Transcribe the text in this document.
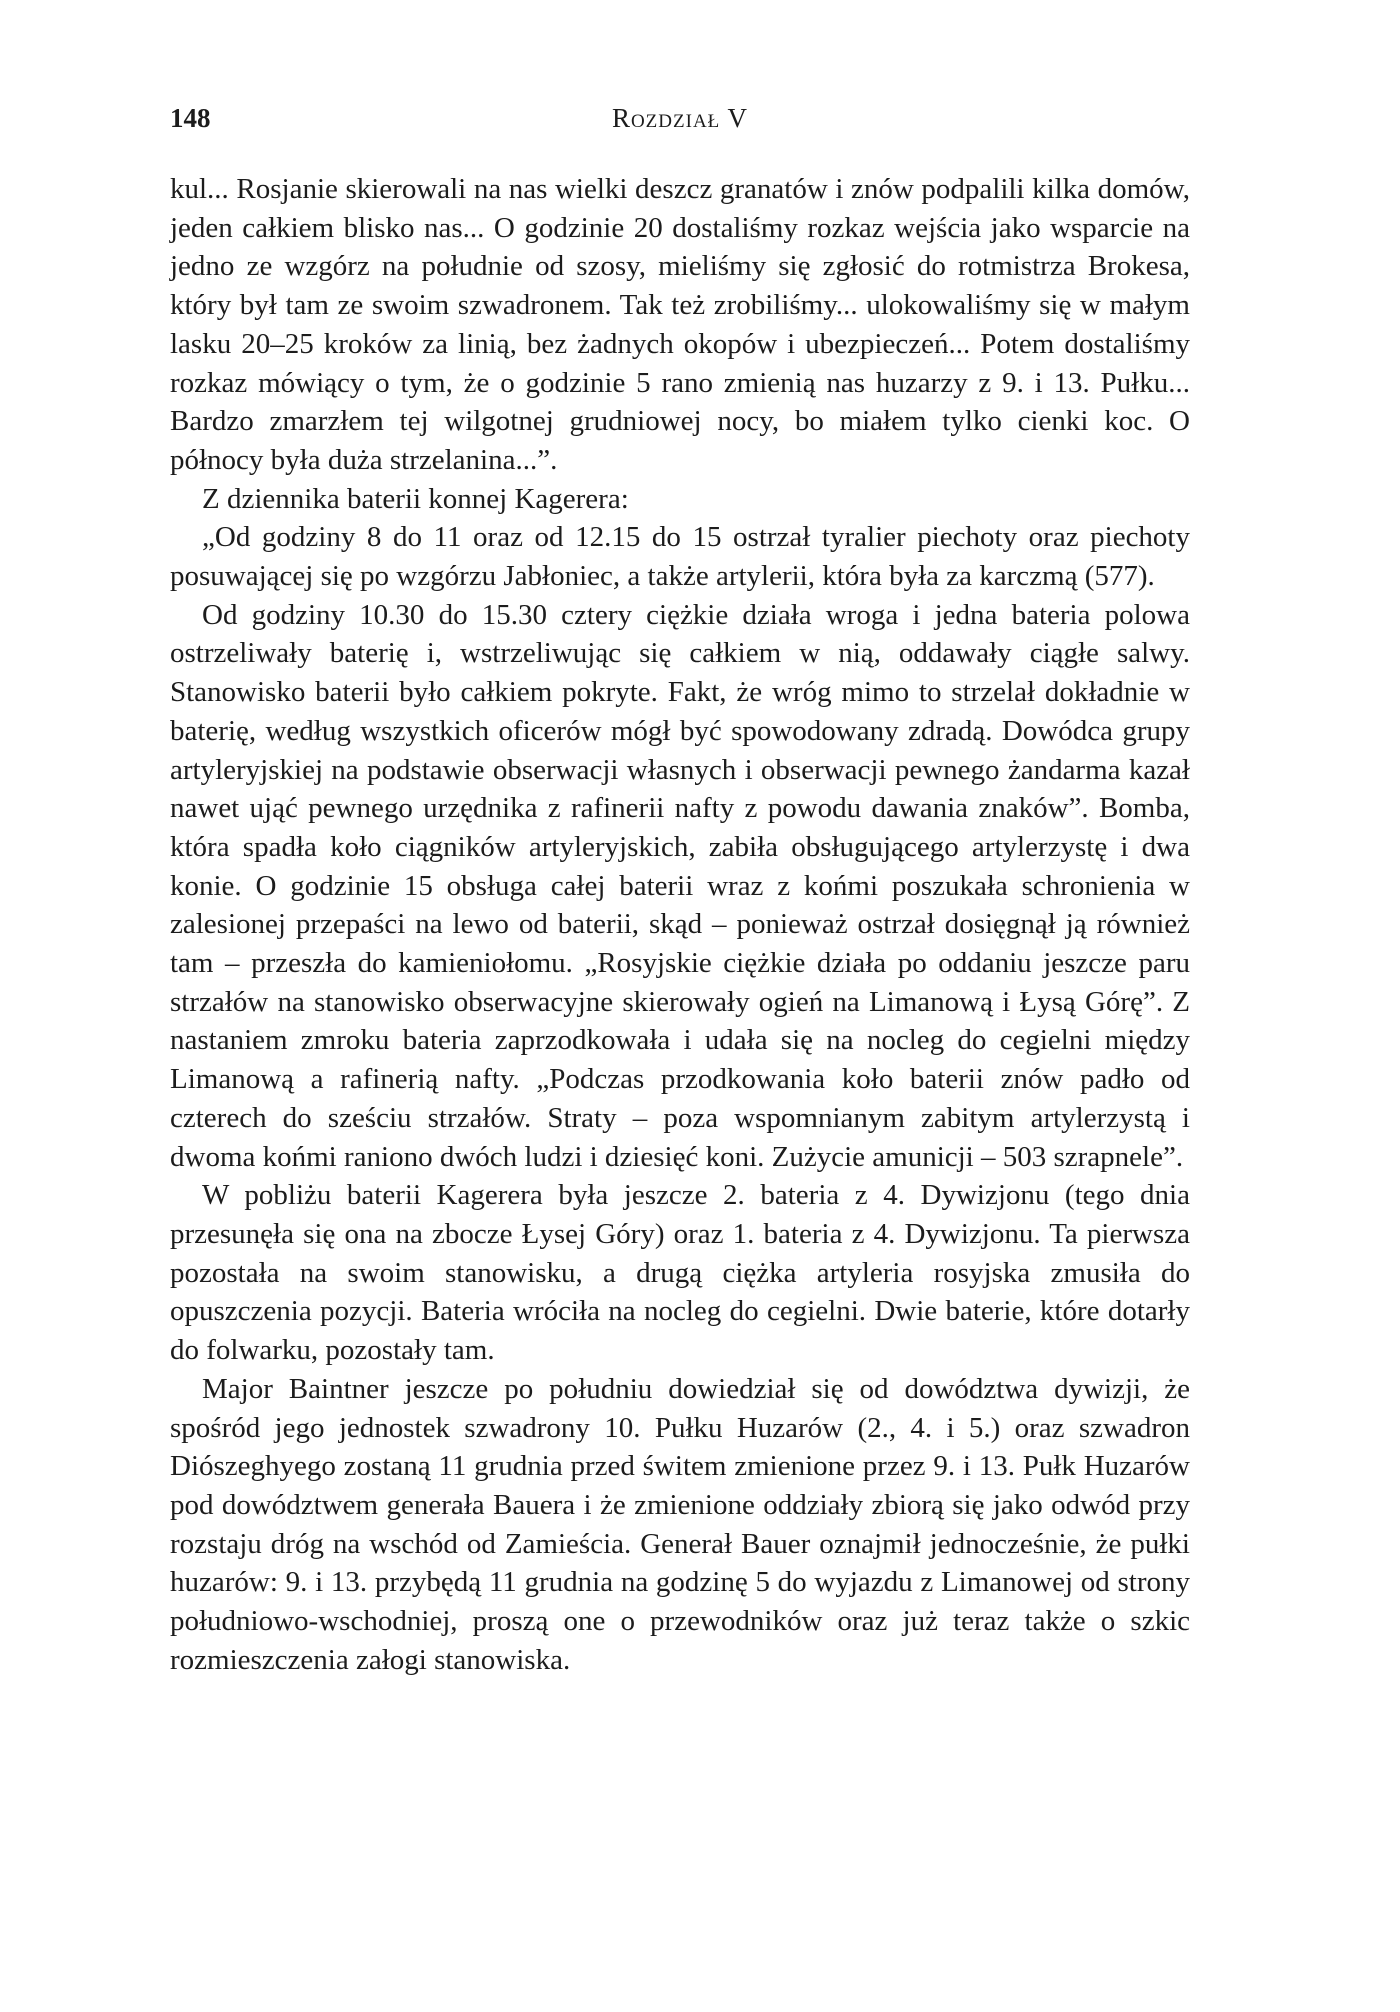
148	Rozdział V

kul... Rosjanie skierowali na nas wielki deszcz granatów i znów podpalili kilka domów, jeden całkiem blisko nas... O godzinie 20 dostaliśmy rozkaz wejścia jako wsparcie na jedno ze wzgórz na południe od szosy, mieliśmy się zgłosić do rotmistrza Brokesa, który był tam ze swoim szwadronem. Tak też zrobiliśmy... ulokowaliśmy się w małym lasku 20–25 kroków za linią, bez żadnych okopów i ubezpieczeń... Potem dostaliśmy rozkaz mówiący o tym, że o godzinie 5 rano zmienią nas huzarzy z 9. i 13. Pułku... Bardzo zmarzłem tej wilgotnej grudniowej nocy, bo miałem tylko cienki koc. O północy była duża strzelanina...”.

Z dziennika baterii konnej Kagerera:

„Od godziny 8 do 11 oraz od 12.15 do 15 ostrzał tyralier piechoty oraz piechoty posuwającej się po wzgórzu Jabłoniec, a także artylerii, która była za karczmą (577).

Od godziny 10.30 do 15.30 cztery ciężkie działa wroga i jedna bateria polowa ostrzeliwały baterię i, wstrzeliwując się całkiem w nią, oddawały ciągłe salwy. Stanowisko baterii było całkiem pokryte. Fakt, że wróg mimo to strzelał dokładnie w baterię, według wszystkich oficerów mógł być spowodowany zdradą. Dowódca grupy artyleryjskiej na podstawie obserwacji własnych i obserwacji pewnego żandarma kazał nawet ująć pewnego urzędnika z rafinerii nafty z powodu dawania znaków”. Bomba, która spadła koło ciągników artyleryjskich, zabiła obsługującego artylerzystę i dwa konie. O godzinie 15 obsługa całej baterii wraz z końmi poszukała schronienia w zalesionej przepaści na lewo od baterii, skąd – ponieważ ostrzał dosięgnął ją również tam – przeszła do kamieniołomu. „Rosyjskie ciężkie działa po oddaniu jeszcze paru strzałów na stanowisko obserwacyjne skierowały ogień na Limanową i Łysą Górę”. Z nastaniem zmroku bateria zaprzodkowała i udała się na nocleg do cegielni między Limanową a rafinerią nafty. „Podczas przodkowania koło baterii znów padło od czterech do sześciu strzałów. Straty – poza wspomnianym zabitym artylerzystą i dwoma końmi raniono dwóch ludzi i dziesięć koni. Zużycie amunicji – 503 szrapnele”.

W pobliżu baterii Kagerera była jeszcze 2. bateria z 4. Dywizjonu (tego dnia przesunęła się ona na zbocze Łysej Góry) oraz 1. bateria z 4. Dywizjonu. Ta pierwsza pozostała na swoim stanowisku, a drugą ciężka artyleria rosyjska zmusiła do opuszczenia pozycji. Bateria wróciła na nocleg do cegielni. Dwie baterie, które dotarły do folwarku, pozostały tam.

Major Baintner jeszcze po południu dowiedział się od dowództwa dywizji, że spośród jego jednostek szwadrony 10. Pułku Huzarów (2., 4. i 5.) oraz szwadron Diószeghyego zostaną 11 grudnia przed świtem zmienione przez 9. i 13. Pułk Huzarów pod dowództwem generała Bauera i że zmienione oddziały zbiorą się jako odwód przy rozstaju dróg na wschód od Zamieścia. Generał Bauer oznajmił jednocześnie, że pułki huzarów: 9. i 13. przybędą 11 grudnia na godzinę 5 do wyjazdu z Limanowej od strony południowo-wschodniej, proszą one o przewodników oraz już teraz także o szkic rozmieszczenia załogi stanowiska.
